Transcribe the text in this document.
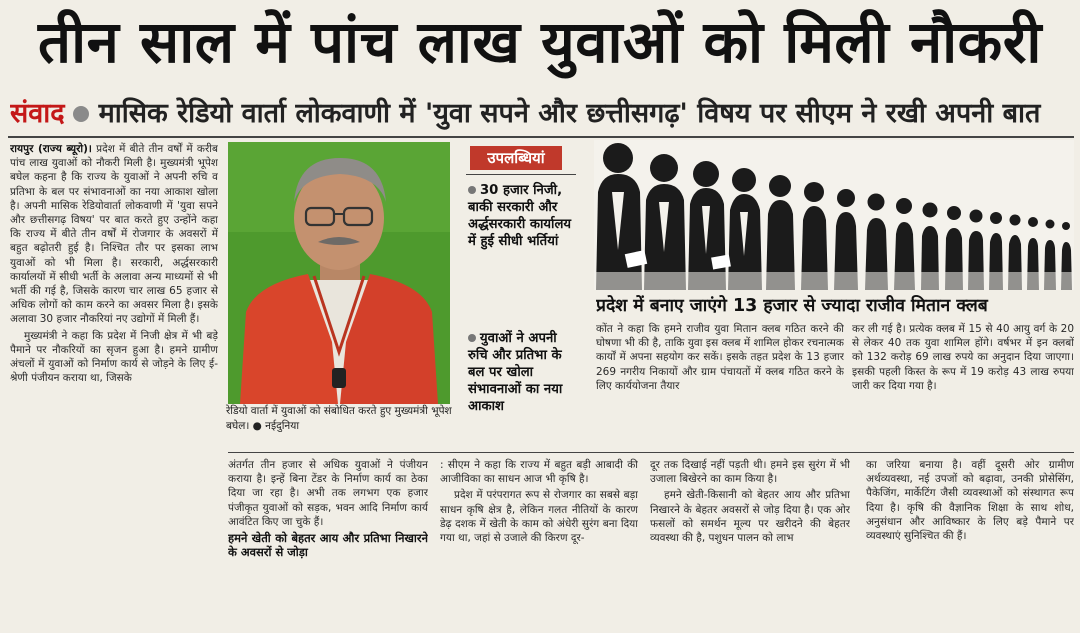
तीन साल में पांच लाख युवाओं को मिली नौकरी
संवाद मासिक रेडियो वार्ता लोकवाणी में 'युवा सपने और छत्तीसगढ़' विषय पर सीएम ने रखी अपनी बात

रायपुर (राज्य ब्यूरो)। प्रदेश में बीते तीन वर्षों में करीब पांच लाख युवाओं को नौकरी मिली है। मुख्यमंत्री भूपेश बघेल कहना है कि राज्य के युवाओं ने अपनी रुचि व प्रतिभा के बल पर संभावनाओं का नया आकाश खोला है। अपनी मासिक रेडियोवार्ता लोकवाणी में 'युवा सपने और छत्तीसगढ़ विषय' पर बात करते हुए उन्होंने कहा कि राज्य में बीते तीन वर्षों में रोजगार के अवसरों में बहुत बढ़ोतरी हुई है। निश्चित तौर पर इसका लाभ युवाओं को भी मिला है। सरकारी, अर्द्धसरकारी कार्यालयों में सीधी भर्ती के अलावा अन्य माध्यमों से भी भर्ती की गई है, जिसके कारण चार लाख 65 हजार से अधिक लोगों को काम करने का अवसर मिला है। इसके अलावा 30 हजार नौकरियां नए उद्योगों में मिली हैं।

मुख्यमंत्री ने कहा कि प्रदेश में निजी क्षेत्र में भी बड़े पैमाने पर नौकरियों का सृजन हुआ है। हमने ग्रामीण अंचलों में युवाओं को निर्माण कार्य से जोड़ने के लिए ई-श्रेणी पंजीयन कराया था, जिसके

रेडियो वार्ता में युवाओं को संबोधित करते हुए मुख्यमंत्री भूपेश बघेल। ● नईदुनिया
उपलब्धियां
30 हजार निजी, बाकी सरकारी और अर्द्धसरकारी कार्यालय में हुई सीधी भर्तियां
युवाओं ने अपनी रुचि और प्रतिभा के बल पर खोला संभावनाओं का नया आकाश
प्रदेश में बनाए जाएंगे 13 हजार से ज्यादा राजीव मितान क्लब

कोंत ने कहा कि हमने राजीव युवा मितान क्लब गठित करने की घोषणा भी की है, ताकि युवा इस क्लब में शामिल होकर रचनात्मक कार्यों में अपना सहयोग कर सकें। इसके तहत प्रदेश के 13 हजार 269 नगरीय निकायों और ग्राम पंचायतों में क्लब गठित करने के लिए कार्ययोजना तैयार

कर ली गई है। प्रत्येक क्लब में 15 से 40 आयु वर्ग के 20 से लेकर 40 तक युवा शामिल होंगे। वर्षभर में इन क्लबों को 132 करोड़ 69 लाख रुपये का अनुदान दिया जाएगा। इसकी पहली किस्त के रूप में 19 करोड़ 43 लाख रुपया जारी कर दिया गया है।

अंतर्गत तीन हजार से अधिक युवाओं ने पंजीयन कराया है। इन्हें बिना टेंडर के निर्माण कार्य का ठेका दिया जा रहा है। अभी तक लगभग एक हजार पंजीकृत युवाओं को सड़क, भवन आदि निर्माण कार्य आवंटित किए जा चुके हैं।

हमने खेती को बेहतर आय और प्रतिभा निखारने के अवसरों से जोड़ा

: सीएम ने कहा कि राज्य में बहुत बड़ी आबादी की आजीविका का साधन आज भी कृषि है।

प्रदेश में परंपरागत रूप से रोजगार का सबसे बड़ा साधन कृषि क्षेत्र है, लेकिन गलत नीतियों के कारण डेढ़ दशक में खेती के काम को अंधेरी सुरंग बना दिया गया था, जहां से उजाले की किरण दूर-

दूर तक दिखाई नहीं पड़ती थी। हमने इस सुरंग में भी उजाला बिखेरने का काम किया है।

हमने खेती-किसानी को बेहतर आय और प्रतिभा निखारने के बेहतर अवसरों से जोड़ दिया है। एक ओर फसलों को समर्थन मूल्य पर खरीदने की बेहतर व्यवस्था की है, पशुधन पालन को लाभ

का जरिया बनाया है। वहीं दूसरी ओर ग्रामीण अर्थव्यवस्था, नई उपजों को बढ़ावा, उनकी प्रोसेसिंग, पैकेजिंग, मार्केटिंग जैसी व्यवस्थाओं को संस्थागत रूप दिया है। कृषि की वैज्ञानिक शिक्षा के साथ शोध, अनुसंधान और आविष्कार के लिए बड़े पैमाने पर व्यवस्थाएं सुनिश्चित की हैं।
